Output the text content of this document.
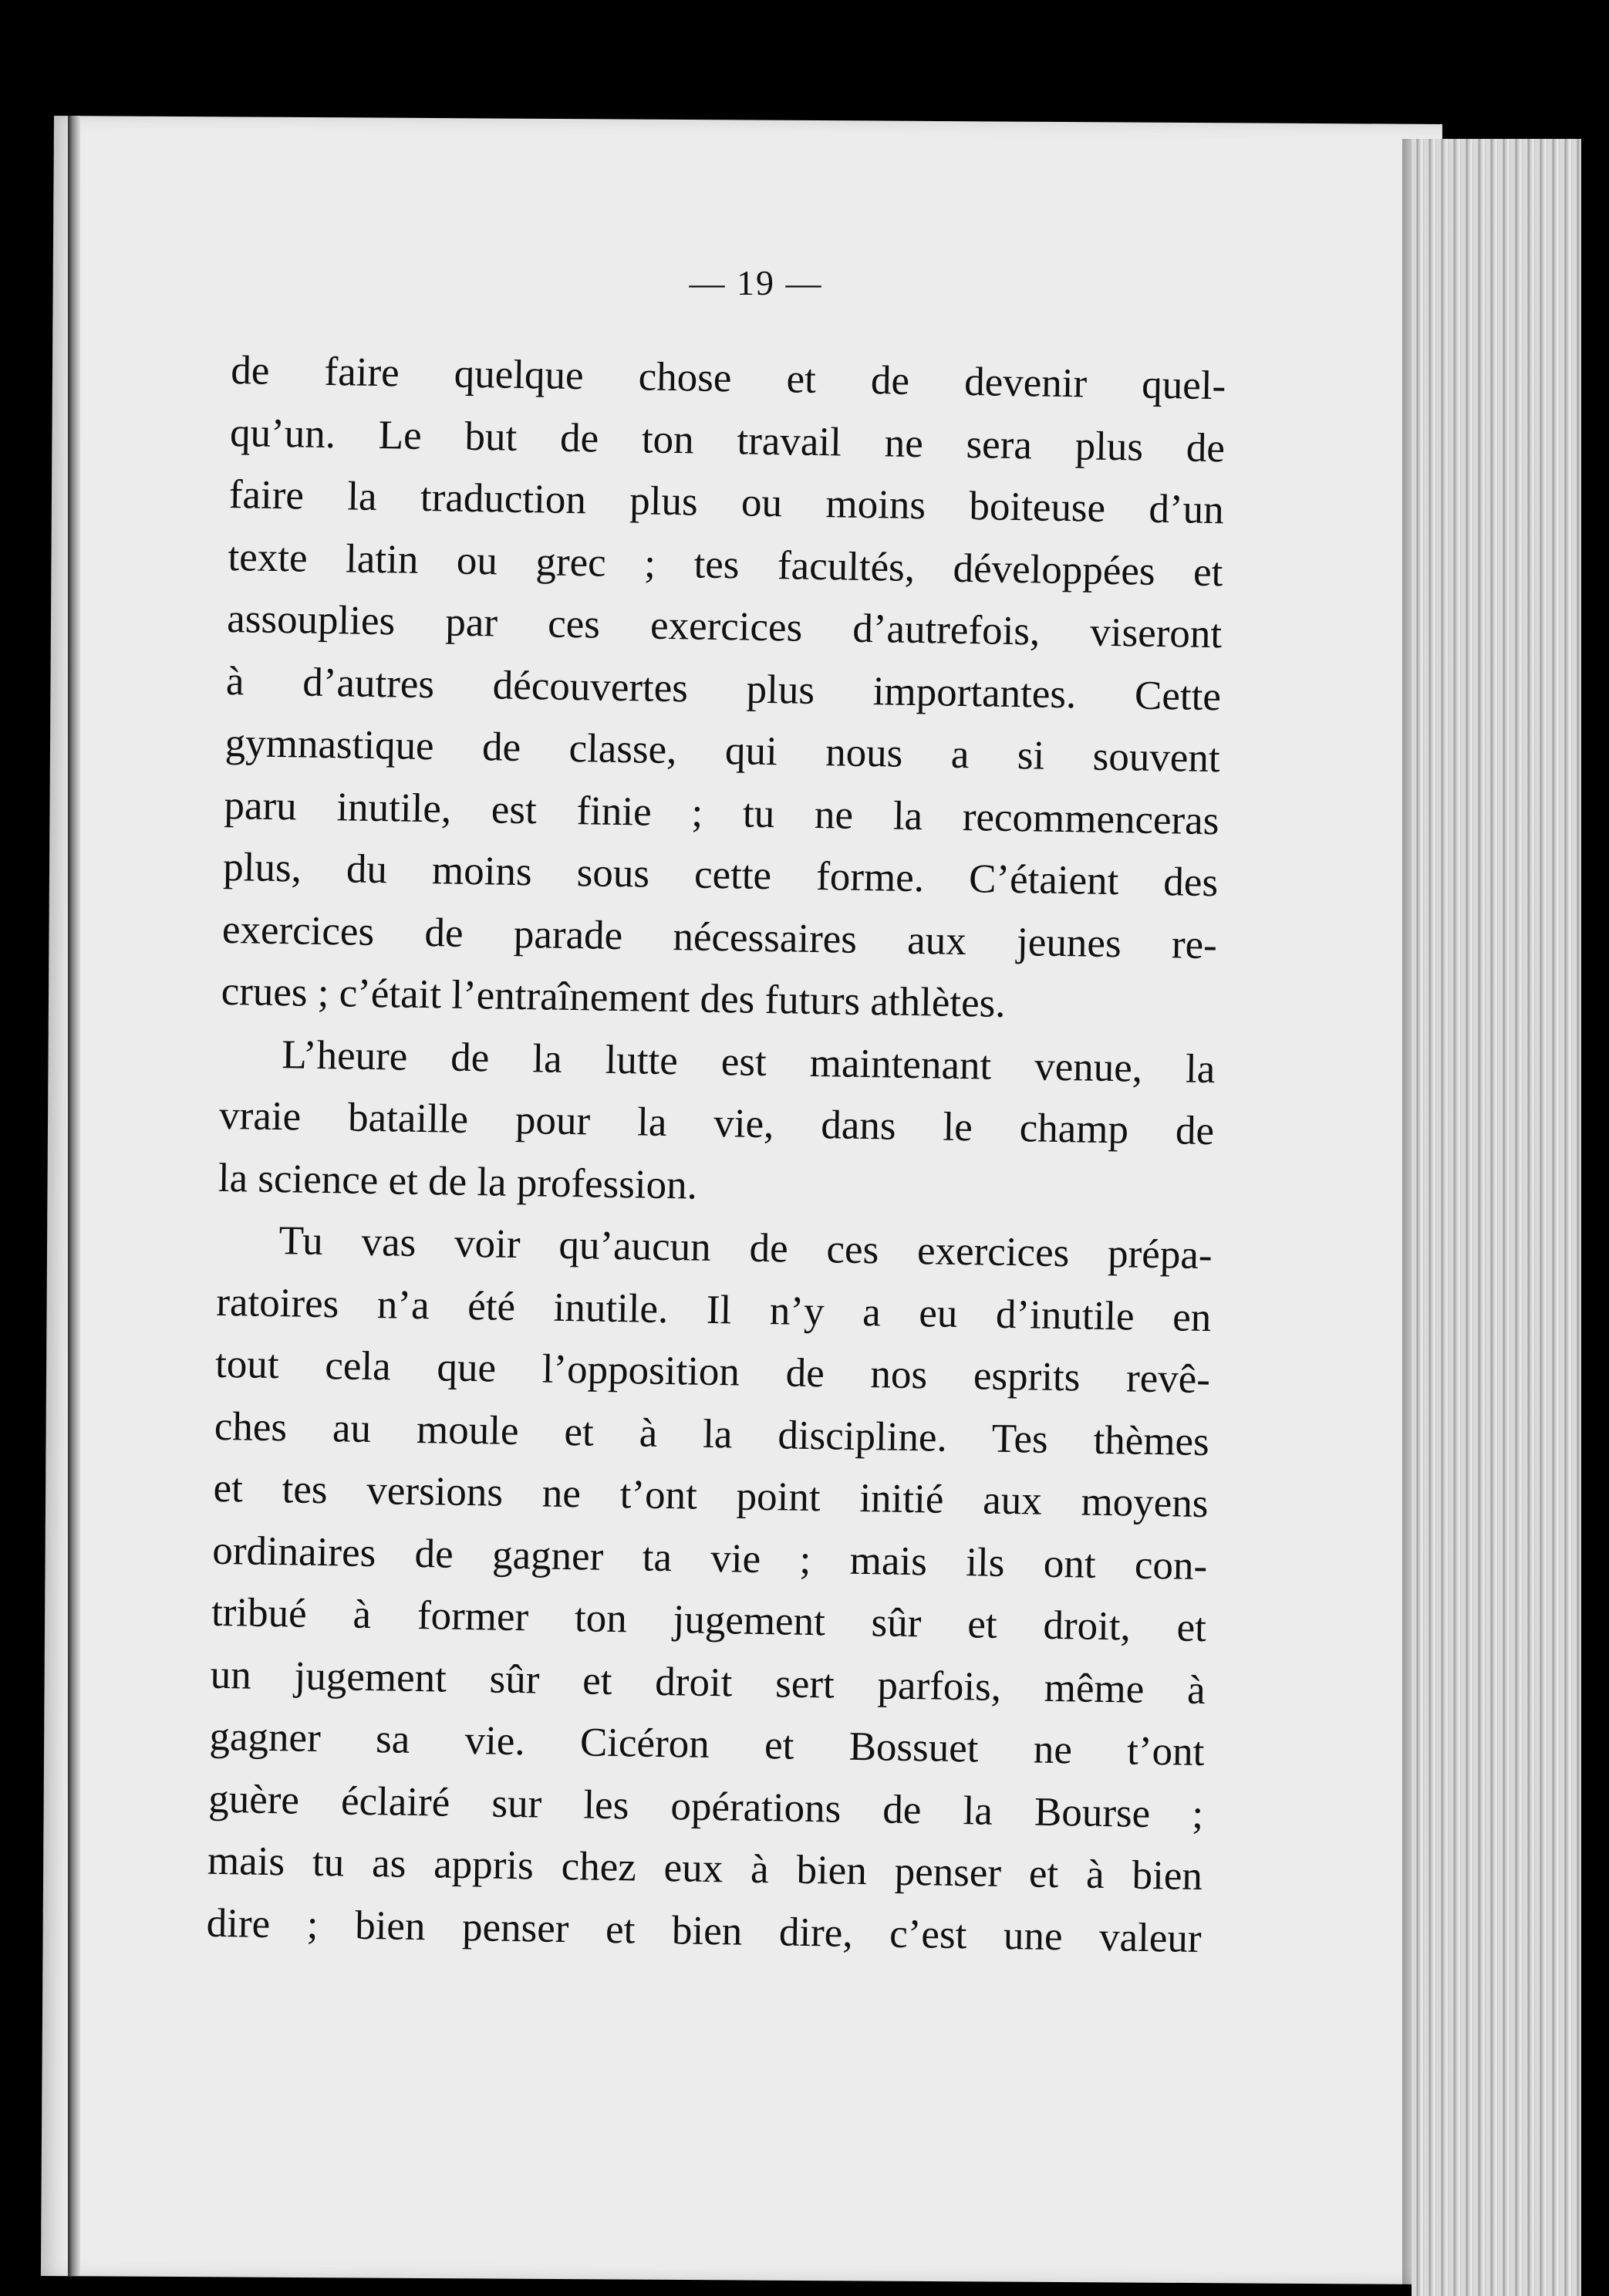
— 19 —
de faire quelque chose et de devenir quel-
qu’un. Le but de ton travail ne sera plus de
faire la traduction plus ou moins boiteuse d’un
texte latin ou grec ; tes facultés, développées et
assouplies par ces exercices d’autrefois, viseront
à d’autres découvertes plus importantes. Cette
gymnastique de classe, qui nous a si souvent
paru inutile, est finie ; tu ne la recommenceras
plus, du moins sous cette forme. C’étaient des
exercices de parade nécessaires aux jeunes re-
crues ; c’était l’entraînement des futurs athlètes.
L’heure de la lutte est maintenant venue, la
vraie bataille pour la vie, dans le champ de
la science et de la profession.
Tu vas voir qu’aucun de ces exercices prépa-
ratoires n’a été inutile. Il n’y a eu d’inutile en
tout cela que l’opposition de nos esprits revê-
ches au moule et à la discipline. Tes thèmes
et tes versions ne t’ont point initié aux moyens
ordinaires de gagner ta vie ; mais ils ont con-
tribué à former ton jugement sûr et droit, et
un jugement sûr et droit sert parfois, même à
gagner sa vie. Cicéron et Bossuet ne t’ont
guère éclairé sur les opérations de la Bourse ;
mais tu as appris chez eux à bien penser et à bien
dire ; bien penser et bien dire, c’est une valeur
